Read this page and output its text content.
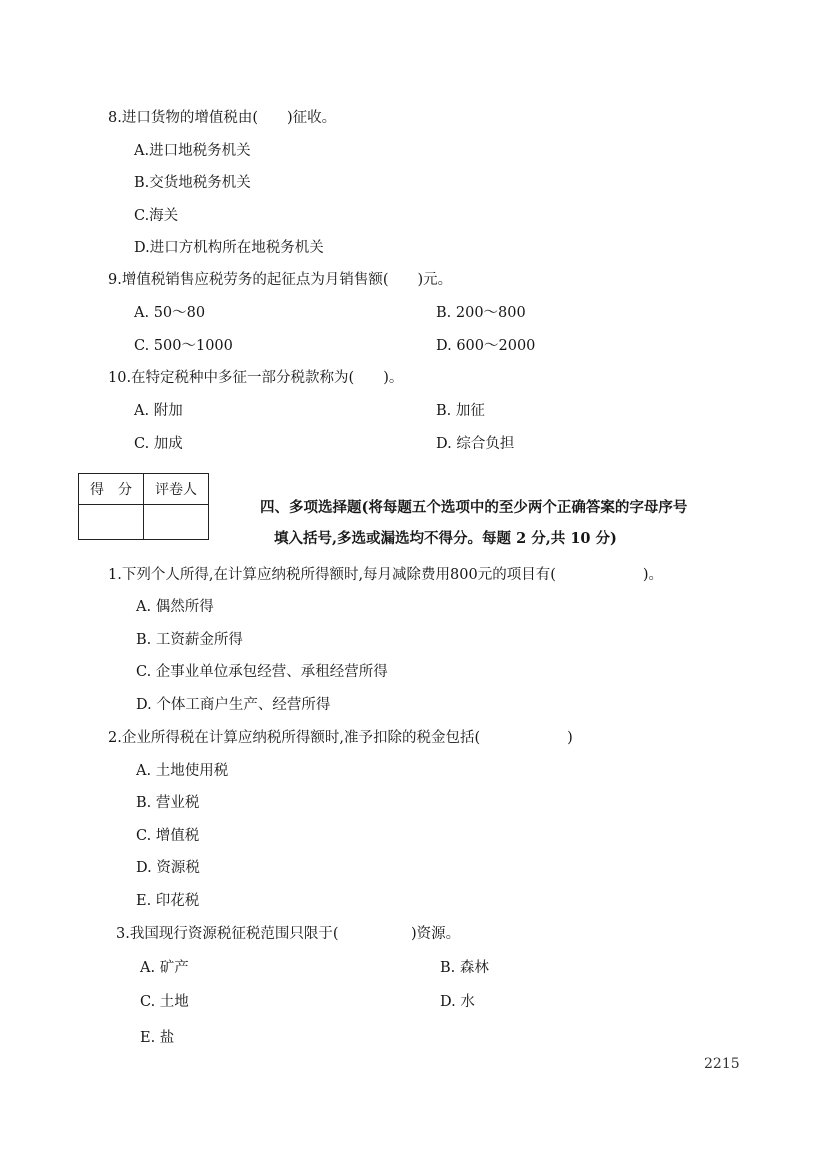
8.进口货物的增值税由(　　)征收。
A.进口地税务机关
B.交货地税务机关
C.海关
D.进口方机构所在地税务机关
9.增值税销售应税劳务的起征点为月销售额(　　)元。
A. 50～80	B. 200～800
C. 500～1000	D. 600～2000
10.在特定税种中多征一部分税款称为(　　)。
A. 附加	B. 加征
C. 加成	D. 综合负担
得　分	评卷人

四、多项选择题(将每题五个选项中的至少两个正确答案的字母序号
填入括号,多选或漏选均不得分。每题 2 分,共 10 分)
1.下列个人所得,在计算应纳税所得额时,每月减除费用800元的项目有(　　　　　　)。
A. 偶然所得
B. 工资薪金所得
C. 企事业单位承包经营、承租经营所得
D. 个体工商户生产、经营所得
2.企业所得税在计算应纳税所得额时,准予扣除的税金包括(　　　　　　)
A. 土地使用税
B. 营业税
C. 增值税
D. 资源税
E. 印花税
3.我国现行资源税征税范围只限于(　　　　　)资源。
A. 矿产	B. 森林
C. 土地	D. 水
E. 盐
2215
